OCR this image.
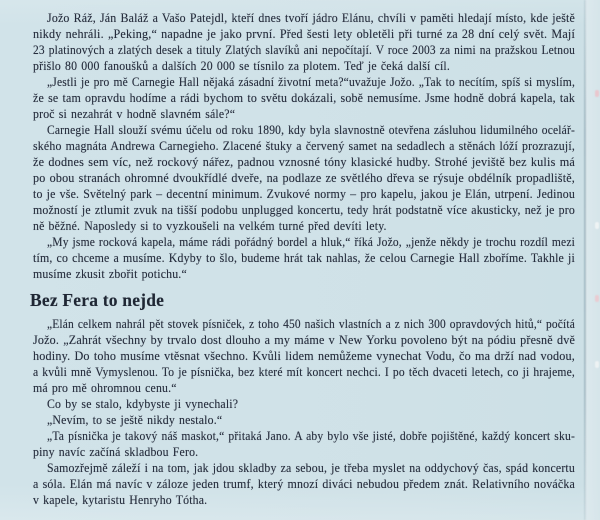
Jožo Ráž, Ján Baláž a Vašo Patejdl, kteří dnes tvoří jádro Elánu, chvíli v paměti hledají místo, kde ještě
nikdy nehráli. „Peking,“ napadne je jako první. Před šesti lety obletěli při turné za 28 dní celý svět. Mají
23 platinových a zlatých desek a tituly Zlatých slavíků ani nepočítají. V roce 2003 za nimi na pražskou Letnou
přišlo 80 000 fanoušků a dalších 20 000 se tísnilo za plotem. Teď je čeká další cíl.
„Jestli je pro mě Carnegie Hall nějaká zásadní životní meta?“uvažuje Jožo. „Tak to necítím, spíš si myslím,
že se tam opravdu hodíme a rádi bychom to světu dokázali, sobě nemusíme. Jsme hodně dobrá kapela, tak
proč si nezahrát v hodně slavném sále?“
Carnegie Hall slouží svému účelu od roku 1890, kdy byla slavnostně otevřena zásluhou lidumilného ocelář-
ského magnáta Andrewa Carnegieho. Zlacené štuky a červený samet na sedadlech a stěnách lóží prozrazují,
že dodnes sem víc, než rockový nářez, padnou vznosné tóny klasické hudby. Strohé jeviště bez kulis má
po obou stranách ohromné dvoukřídlé dveře, na podlaze ze světlého dřeva se rýsuje obdélník propadliště,
to je vše. Světelný park – decentní minimum. Zvukové normy – pro kapelu, jakou je Elán, utrpení. Jedinou
možností je ztlumit zvuk na tišší podobu unplugged koncertu, tedy hrát podstatně více akusticky, než je pro
ně běžné. Naposledy si to vyzkoušeli na velkém turné před devíti lety.
„My jsme rocková kapela, máme rádi pořádný bordel a hluk,“ říká Jožo, „jenže někdy je trochu rozdíl mezi
tím, co chceme a musíme. Kdyby to šlo, budeme hrát tak nahlas, že celou Carnegie Hall zboříme. Takhle ji
musíme zkusit zbořit potichu.“
Bez Fera to nejde
„Elán celkem nahrál pět stovek písniček, z toho 450 našich vlastních a z nich 300 opravdových hitů,“ počítá
Jožo. „Zahrát všechny by trvalo dost dlouho a my máme v New Yorku povoleno být na pódiu přesně dvě
hodiny. Do toho musíme vtěsnat všechno. Kvůli lidem nemůžeme vynechat Vodu, čo ma drží nad vodou,
a kvůli mně Vymyslenou. To je písnička, bez které mít koncert nechci. I po těch dvaceti letech, co ji hrajeme,
má pro mě ohromnou cenu.“
Co by se stalo, kdybyste ji vynechali?
„Nevím, to se ještě nikdy nestalo.“
„Ta písnička je takový náš maskot,“ přitaká Jano. A aby bylo vše jisté, dobře pojištěné, každý koncert sku-
piny navíc začíná skladbou Fero.
Samozřejmě záleží i na tom, jak jdou skladby za sebou, je třeba myslet na oddychový čas, spád koncertu
a sóla. Elán má navíc v záloze jeden trumf, který mnozí diváci nebudou předem znát. Relativního nováčka
v kapele, kytaristu Henryho Tótha.
